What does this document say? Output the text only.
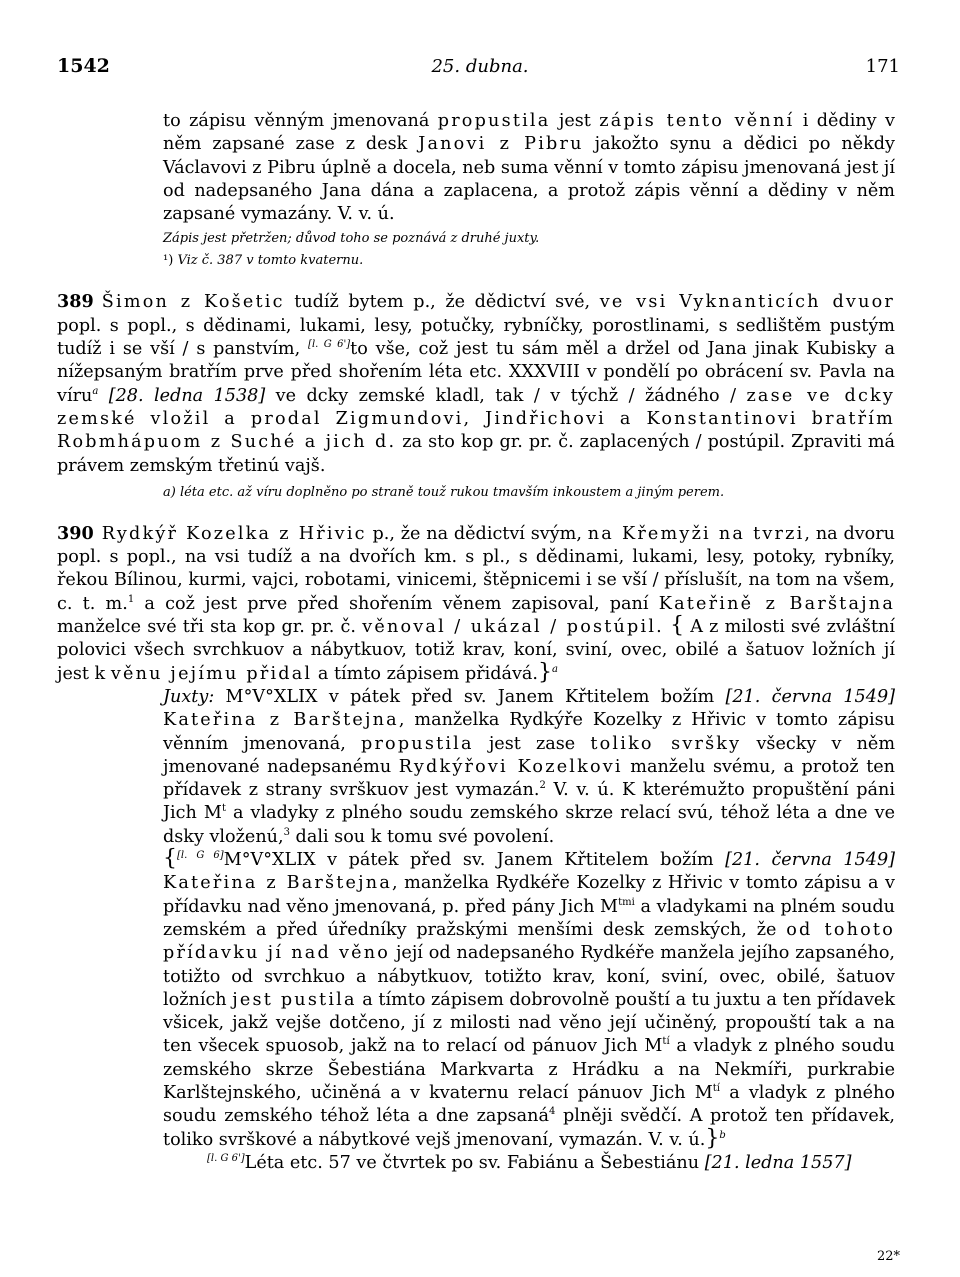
1542	25. dubna.	171

to zápisu věnným jmenovaná propustila jest zápis tento věnní i dědiny v něm zapsané zase z desk Janovi z Pibru jakožto synu a dědici po někdy Václavovi z Pibru úplně a docela, neb suma věnní v tomto zápisu jmenovaná jest jí od nadepsaného Jana dána a zaplacena, a protož zápis věnní a dědiny v něm zapsané vymazány. V. v. ú.

Zápis jest přetržen; důvod toho se poznává z druhé juxty.

¹) Viz č. 387 v tomto kvaternu.

389 Šimon z Košetic tudíž bytem p., že dědictví své, ve vsi Vyknanticích dvuor popl. s popl., s dědinami, lukami, lesy, potučky, rybníčky, porostlinami, s sedlištěm pustým tudíž i se vší / s panstvím, [l. G 6']to vše, což jest tu sám měl a držel od Jana jinak Kubisky a nížepsaným bratřím prve před shořením léta etc. XXXVIII v pondělí po obrácení sv. Pavla na víru$^a$ [28. ledna 1538] ve dcky zemské kladl, tak / v týchž / žádného / zase ve dcky zemské vložil a prodal Zigmundovi, Jindřichovi a Konstantinovi bratřím Robmhápuom z Suché a jich d. za sto kop gr. pr. č. zaplacených / postúpil. Zpraviti má právem zemským třetinú vajš.

a) léta etc. až víru doplněno po straně touž rukou tmavším inkoustem a jiným perem.

390 Rydkýř Kozelka z Hřivic p., že na dědictví svým, na Křemyži na tvrzi, na dvoru popl. s popl., na vsi tudíž a na dvořích km. s pl., s dědinami, lukami, lesy, potoky, rybníky, řekou Bílinou, kurmi, vajci, robotami, vinicemi, štěpnicemi i se vší / příslušít, na tom na všem, c. t. m.$^1$ a což jest prve před shořením věnem zapisoval, paní Kateřině z Barštajna manželce své tři sta kop gr. pr. č. věnoval / ukázal / postúpil. { A z milosti své zvláštní polovici všech svrchkuov a nábytkuov, totiž krav, koní, sviní, ovec, obilé a šatuov ložních jí jest k věnu jejímu přidal a tímto zápisem přidává.}$^a$

Juxty: M°V°XLIX v pátek před sv. Janem Křtitelem božím [21. června 1549] Kateřina z Barštejna, manželka Rydkýře Kozelky z Hřivic v tomto zápisu věnním jmenovaná, propustila jest zase toliko svršky všecky v něm jmenované nadepsanému Rydkýřovi Kozelkovi manželu svému, a protož ten přídavek z strany svrškuov jest vymazán.$^2$ V. v. ú. K kterémužto propuštění páni Jich $M^t$ a vladyky z plného soudu zemského skrze relací svú, téhož léta a dne ve dsky vloženú,$^3$ dali sou k tomu své povolení.

{[l. G 6]M°V°XLIX v pátek před sv. Janem Křtitelem božím [21. června 1549] Kateřina z Barštejna, manželka Rydkéře Kozelky z Hřivic v tomto zápisu a v přídavku nad věno jmenovaná, p. před pány Jich $M^{tmi}$ a vladykami na plném soudu zemském a před úředníky pražskými menšími desk zemských, že od tohoto přídavku jí nad věno její od nadepsaného Rydkéře manžela jejího zapsaného, totižto od svrchkuo a nábytkuov, totižto krav, koní, sviní, ovec, obilé, šatuov ložních jest pustila a tímto zápisem dobrovolně pouští a tu juxtu a ten přídavek všicek, jakž vejše dotčeno, jí z milosti nad věno její učiněný, propouští tak a na ten všecek spuosob, jakž na to relací od pánuov Jich $M^{tí}$ a vladyk z plného soudu zemského skrze Šebestiána Markvarta z Hrádku a na Nekmíři, purkrabie Karlštejnského, učiněná a v kvaternu relací pánuov Jich $M^{tí}$ a vladyk z plného soudu zemského téhož léta a dne zapsaná$^4$ plněji svědčí. A protož ten přídavek, toliko svrškové a nábytkové vejš jmenovaní, vymazán. V. v. ú.}$^b$

[l. G 6']Léta etc. 57 ve čtvrtek po sv. Fabiánu a Šebestiánu [21. ledna 1557]

22*
